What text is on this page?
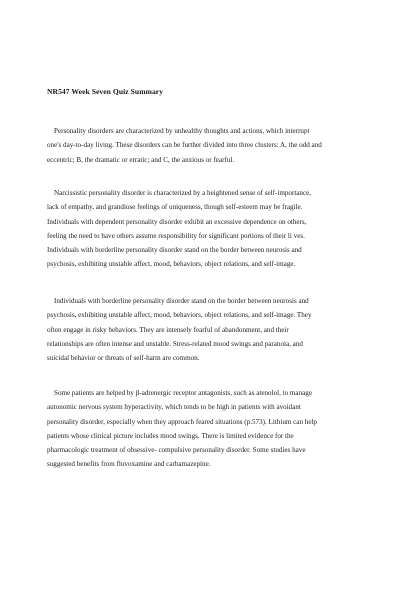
NR547 Week Seven Quiz Summary
Personality disorders are characterized by unhealthy thoughts and actions, which interrupt
one's day-to-day living. These disorders can be further divided into three clusters: A, the odd and
eccentric; B, the dramatic or erratic; and C, the anxious or fearful.
Narcissistic personality disorder is characterized by a heightened sense of self-importance,
lack of empathy, and grandiose feelings of uniqueness, though self-esteem may be fragile.
Individuals with dependent personality disorder exhibit an excessive dependence on others,
feeling the need to have others assume responsibility for significant portions of their li ves.
Individuals with borderline personality disorder stand on the border between neurosis and
psychosis, exhibiting unstable affect, mood, behaviors, object relations, and self-image.
Individuals with borderline personality disorder stand on the border between neurosis and
psychosis, exhibiting unstable affect, mood, behaviors, object relations, and self-image. They
often engage in risky behaviors. They are intensely fearful of abandonment, and their
relationships are often intense and unstable. Stress-related mood swings and paranoia, and
suicidal behavior or threats of self-harm are common.
Some patients are helped by β-adrenergic receptor antagonists, such as atenolol, to manage
autonomic nervous system hyperactivity, which tends to be high in patients with avoidant
personality disorder, especially when they approach feared situations (p.573). Lithium can help
patients whose clinical picture includes mood swings. There is limited evidence for the
pharmacologic treatment of obsessive- compulsive personality disorder. Some studies have
suggested benefits from fluvoxamine and carbamazepine.
